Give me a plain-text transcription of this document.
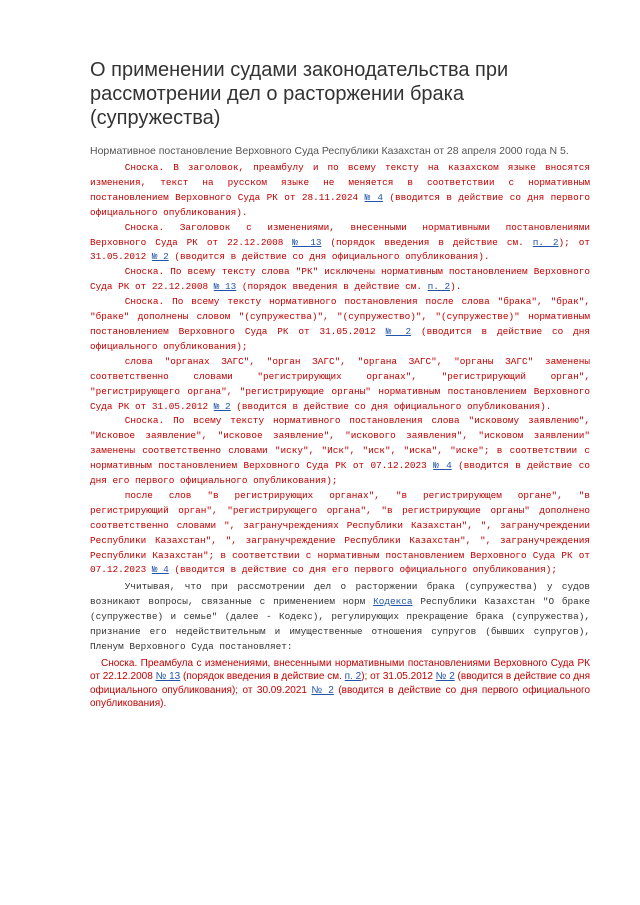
О применении судами законодательства при рассмотрении дел о расторжении брака (супружества)

Нормативное постановление Верховного Суда Республики Казахстан от 28 апреля 2000 года N 5.

Сноска. В заголовок, преамбулу и по всему тексту на казахском языке вносятся изменения, текст на русском языке не меняется в соответствии с нормативным постановлением Верховного Суда РК от 28.11.2024 № 4 (вводится в действие со дня первого официального опубликования).

Сноска. Заголовок с изменениями, внесенными нормативными постановлениями Верховного Суда РК от 22.12.2008 № 13 (порядок введения в действие см. п. 2); от 31.05.2012 № 2 (вводится в действие со дня официального опубликования).

Сноска. По всему тексту слова "РК" исключены нормативным постановлением Верховного Суда РК от 22.12.2008 № 13 (порядок введения в действие см. п. 2).

Сноска. По всему тексту нормативного постановления после слова "брака", "брак", "браке" дополнены словом "(супружества)", "(супружество)", "(супружестве)" нормативным постановлением Верховного Суда РК от 31.05.2012 № 2 (вводится в действие со дня официального опубликования);

слова "органах ЗАГС", "орган ЗАГС", "органа ЗАГС", "органы ЗАГС" заменены соответственно словами "регистрирующих органах", "регистрирующий орган", "регистрирующего органа", "регистрирующие органы" нормативным постановлением Верховного Суда РК от 31.05.2012 № 2 (вводится в действие со дня официального опубликования).

Сноска. По всему тексту нормативного постановления слова "исковому заявлению", "Исковое заявление", "исковое заявление", "искового заявления", "исковом заявлении" заменены соответственно словами "иску", "Иск", "иск", "иска", "иске"; в соответствии с нормативным постановлением Верховного Суда РК от 07.12.2023 № 4 (вводится в действие со дня его первого официального опубликования);

после слов "в регистрирующих органах", "в регистрирующем органе", "в регистрирующий орган", "регистрирующего органа", "в регистрирующие органы" дополнено соответственно словами ", загранучреждениях Республики Казахстан", ", загранучреждении Республики Казахстан", ", загранучреждение Республики Казахстан", ", загранучреждения Республики Казахстан"; в соответствии с нормативным постановлением Верховного Суда РК от 07.12.2023 № 4 (вводится в действие со дня его первого официального опубликования);

Учитывая, что при рассмотрении дел о расторжении брака (супружества) у судов возникают вопросы, связанные с применением норм Кодекса Республики Казахстан "О браке (супружестве) и семье" (далее - Кодекс), регулирующих прекращение брака (супружества), признание его недействительным и имущественные отношения супругов (бывших супругов), Пленум Верховного Суда постановляет:

Сноска. Преамбула с изменениями, внесенными нормативными постановлениями Верховного Суда РК от 22.12.2008 № 13 (порядок введения в действие см. п. 2); от 31.05.2012 № 2 (вводится в действие со дня официального опубликования); от 30.09.2021 № 2 (вводится в действие со дня первого официального опубликования).
